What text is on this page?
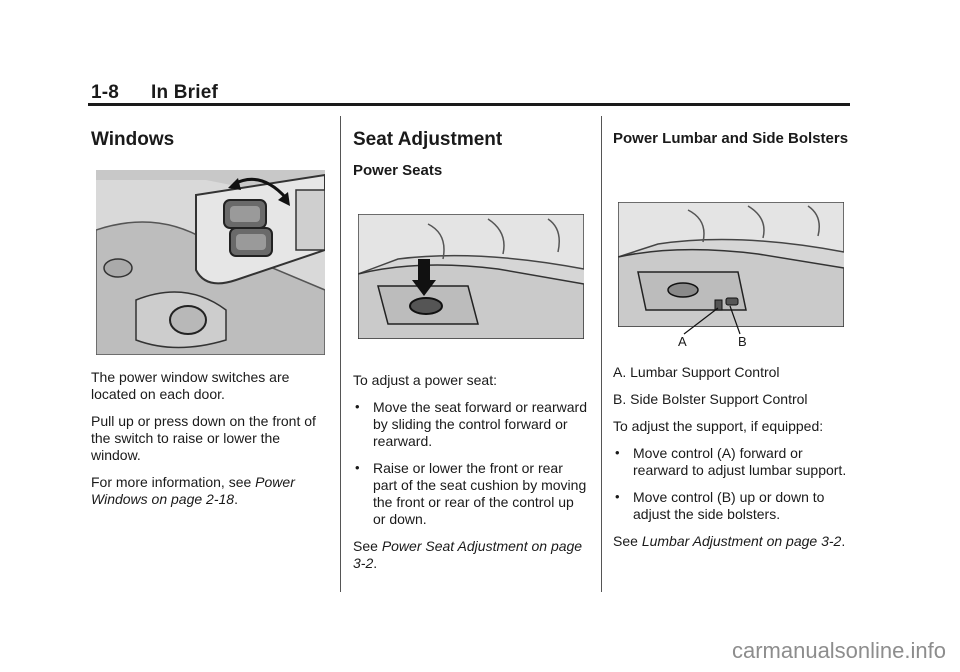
1-8 In Brief
Windows

The power window switches are located on each door.

Pull up or press down on the front of the switch to raise or lower the window.

For more information, see Power Windows on page 2-18.

Seat Adjustment
Power Seats

To adjust a power seat:

• Move the seat forward or rearward by sliding the control forward or rearward.
• Raise or lower the front or rear part of the seat cushion by moving the front or rear of the control up or down.

See Power Seat Adjustment on page 3-2.

Power Lumbar and Side Bolsters
A	B

A. Lumbar Support Control

B. Side Bolster Support Control

To adjust the support, if equipped:

• Move control (A) forward or rearward to adjust lumbar support.
• Move control (B) up or down to adjust the side bolsters.

See Lumbar Adjustment on page 3-2.

carmanualsonline.info
